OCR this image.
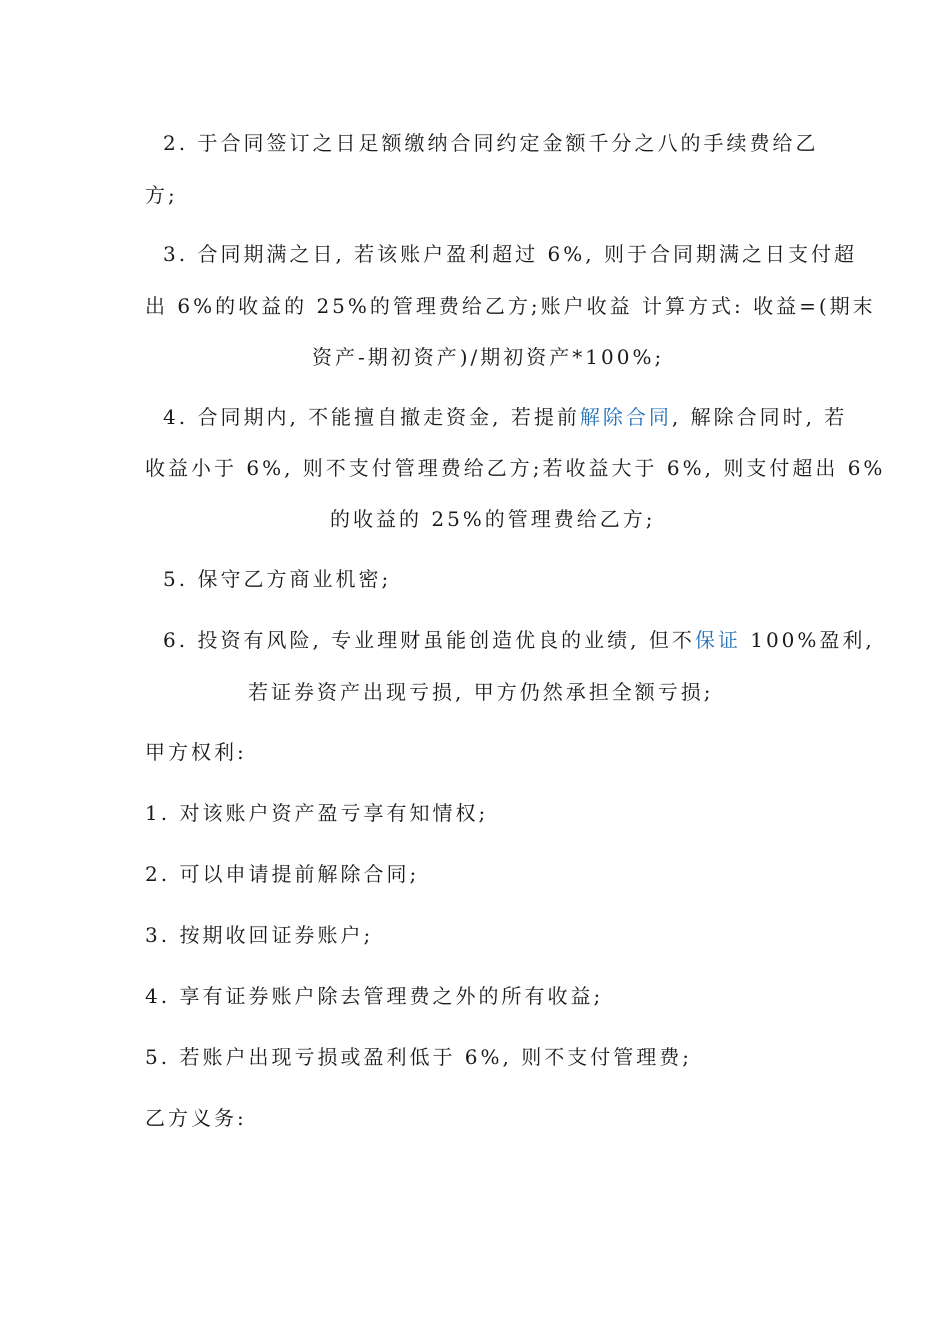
2. 于合同签订之日足额缴纳合同约定金额千分之八的手续费给乙
方;
3. 合同期满之日, 若该账户盈利超过 6%, 则于合同期满之日支付超
出 6%的收益的 25%的管理费给乙方;账户收益 计算方式: 收益=(期末
资产-期初资产)/期初资产*100%;
4. 合同期内, 不能擅自撤走资金, 若提前解除合同, 解除合同时, 若
收益小于 6%, 则不支付管理费给乙方;若收益大于 6%, 则支付超出 6%
的收益的 25%的管理费给乙方;
5. 保守乙方商业机密;
6. 投资有风险, 专业理财虽能创造优良的业绩, 但不保证 100%盈利,
若证券资产出现亏损, 甲方仍然承担全额亏损;
甲方权利:
1. 对该账户资产盈亏享有知情权;
2. 可以申请提前解除合同;
3. 按期收回证券账户;
4. 享有证券账户除去管理费之外的所有收益;
5. 若账户出现亏损或盈利低于 6%, 则不支付管理费;
乙方义务:
